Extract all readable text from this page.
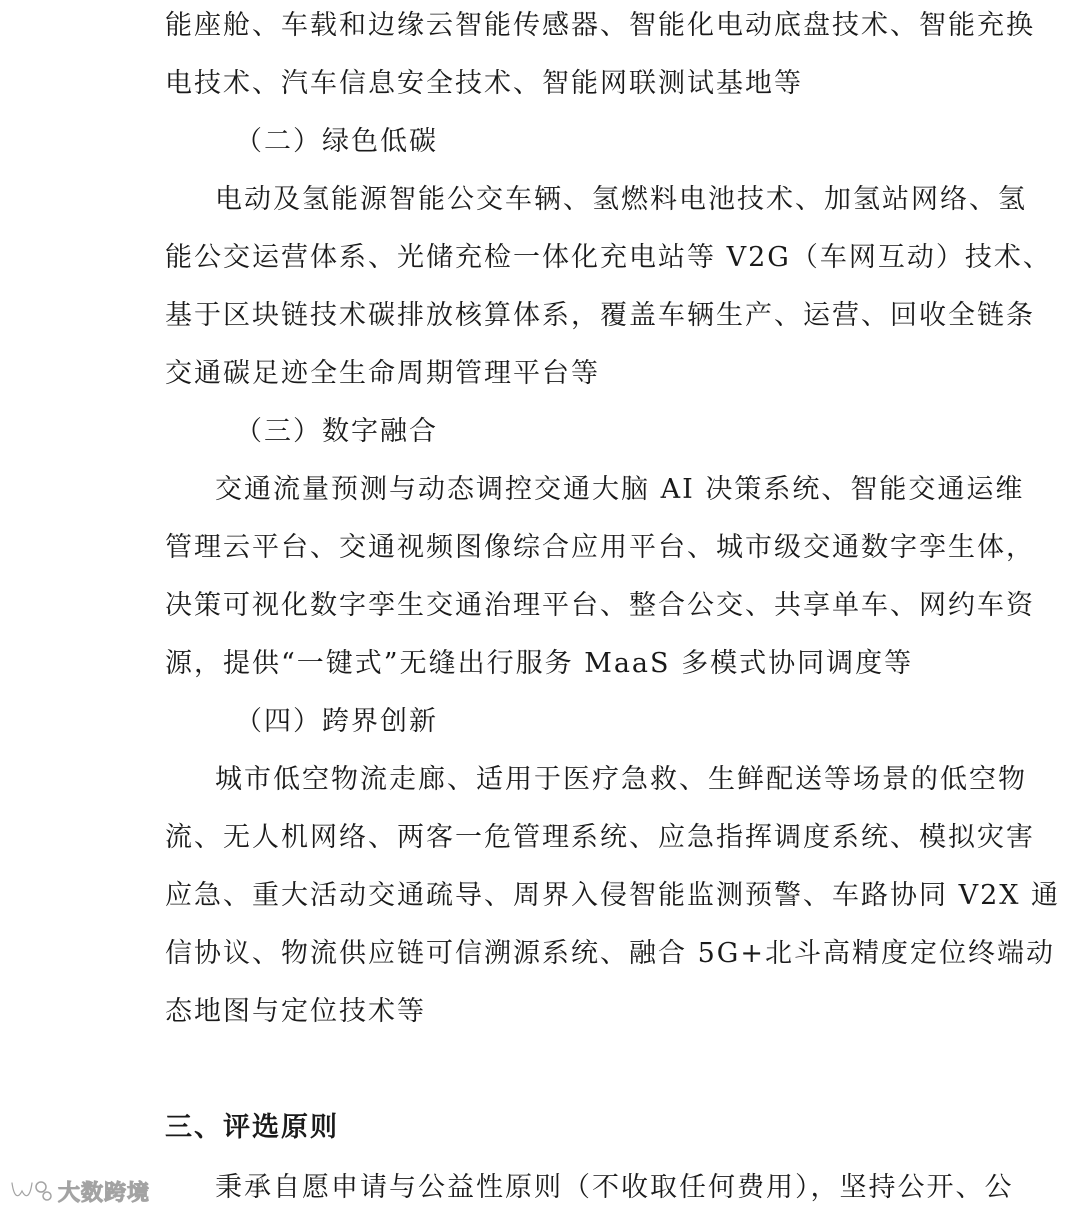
能座舱、车载和边缘云智能传感器、智能化电动底盘技术、智能充换
电技术、汽车信息安全技术、智能网联测试基地等
（二）绿色低碳
电动及氢能源智能公交车辆、氢燃料电池技术、加氢站网络、氢
能公交运营体系、光储充检一体化充电站等 V2G（车网互动）技术、
基于区块链技术碳排放核算体系，覆盖车辆生产、运营、回收全链条
交通碳足迹全生命周期管理平台等
（三）数字融合
交通流量预测与动态调控交通大脑 AI 决策系统、智能交通运维
管理云平台、交通视频图像综合应用平台、城市级交通数字孪生体，
决策可视化数字孪生交通治理平台、整合公交、共享单车、网约车资
源，提供“一键式”无缝出行服务 MaaS 多模式协同调度等
（四）跨界创新
城市低空物流走廊、适用于医疗急救、生鲜配送等场景的低空物
流、无人机网络、两客一危管理系统、应急指挥调度系统、模拟灾害
应急、重大活动交通疏导、周界入侵智能监测预警、车路协同 V2X 通
信协议、物流供应链可信溯源系统、融合 5G+北斗高精度定位终端动
态地图与定位技术等
三、评选原则
秉承自愿申请与公益性原则（不收取任何费用），坚持公开、公
大数跨境
